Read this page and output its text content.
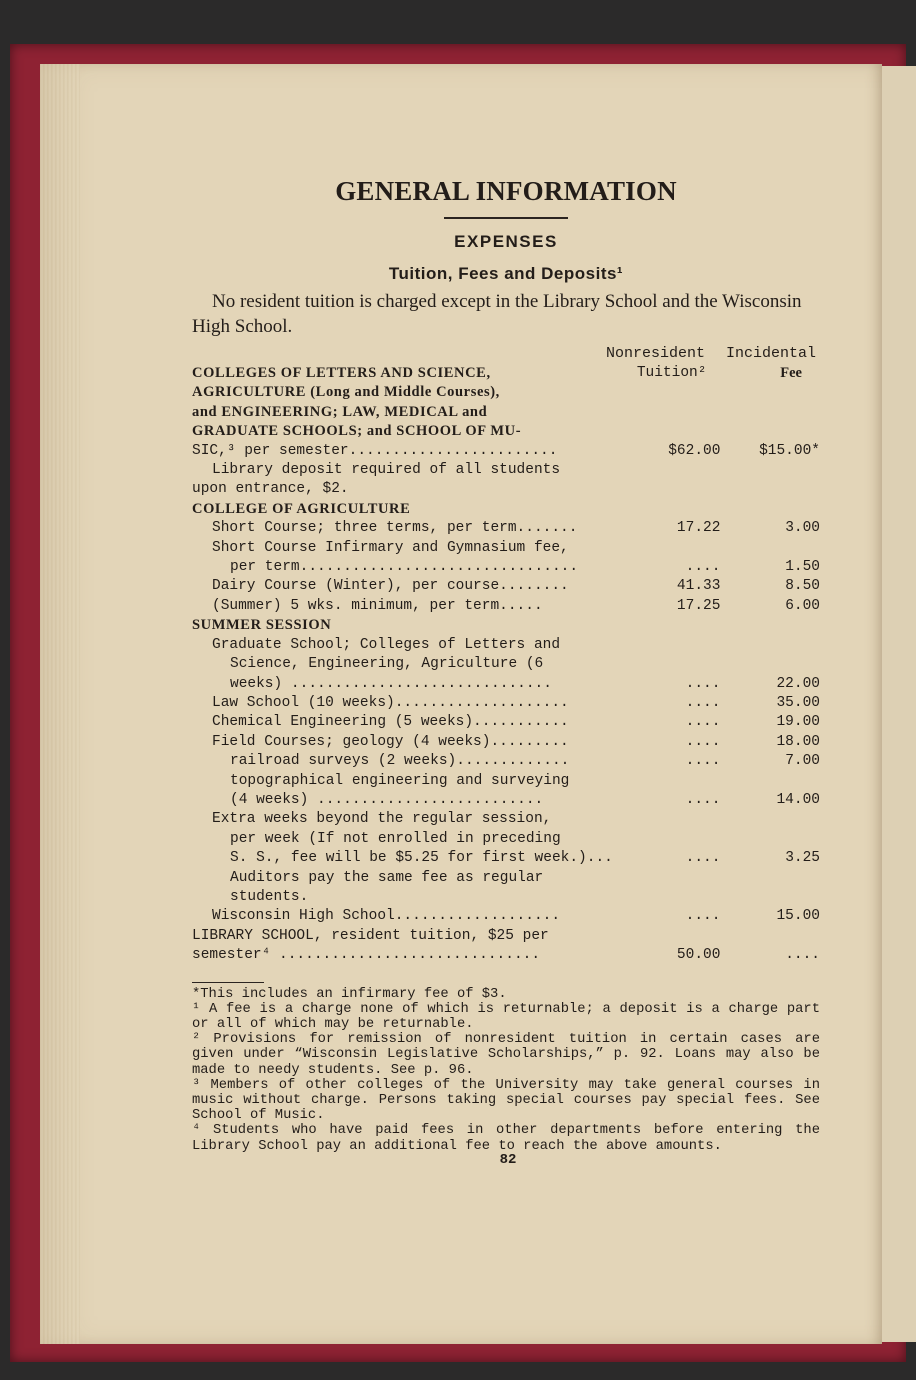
GENERAL INFORMATION
EXPENSES
Tuition, Fees and Deposits¹

No resident tuition is charged except in the Library School and the Wisconsin High School.

Nonresident Incidental
COLLEGES OF LETTERS AND SCIENCE,	Tuition²	Fee
AGRICULTURE (Long and Middle Courses),		
and ENGINEERING; LAW, MEDICAL and		
GRADUATE SCHOOLS; and SCHOOL OF MU-		
SIC,³ per semester........................	$62.00	$15.00*
Library deposit required of all students		
upon entrance, $2.		
COLLEGE OF AGRICULTURE		
Short Course; three terms, per term.......	17.22	3.00
Short Course Infirmary and Gymnasium fee,		
per term................................	....	1.50
Dairy Course (Winter), per course........	41.33	8.50
(Summer) 5 wks. minimum, per term.....	17.25	6.00
SUMMER SESSION		
Graduate School; Colleges of Letters and		
Science, Engineering, Agriculture (6		
weeks) ..............................	....	22.00
Law School (10 weeks)....................	....	35.00
Chemical Engineering (5 weeks)...........	....	19.00
Field Courses; geology (4 weeks).........	....	18.00
railroad surveys (2 weeks).............	....	7.00
topographical engineering and surveying		
(4 weeks) ..........................	....	14.00
Extra weeks beyond the regular session,		
per week (If not enrolled in preceding		
S. S., fee will be $5.25 for first week.)...	....	3.25
Auditors pay the same fee as regular		
students.		
Wisconsin High School...................	....	15.00
LIBRARY SCHOOL, resident tuition, $25 per		
semester⁴ ..............................	50.00	....

*This includes an infirmary fee of $3.

¹ A fee is a charge none of which is returnable; a deposit is a charge part or all of which may be returnable.

² Provisions for remission of nonresident tuition in certain cases are given under “Wisconsin Legislative Scholarships,” p. 92. Loans may also be made to needy students. See p. 96.

³ Members of other colleges of the University may take general courses in music without charge. Persons taking special courses pay special fees. See School of Music.

⁴ Students who have paid fees in other departments before entering the Library School pay an additional fee to reach the above amounts.

82
